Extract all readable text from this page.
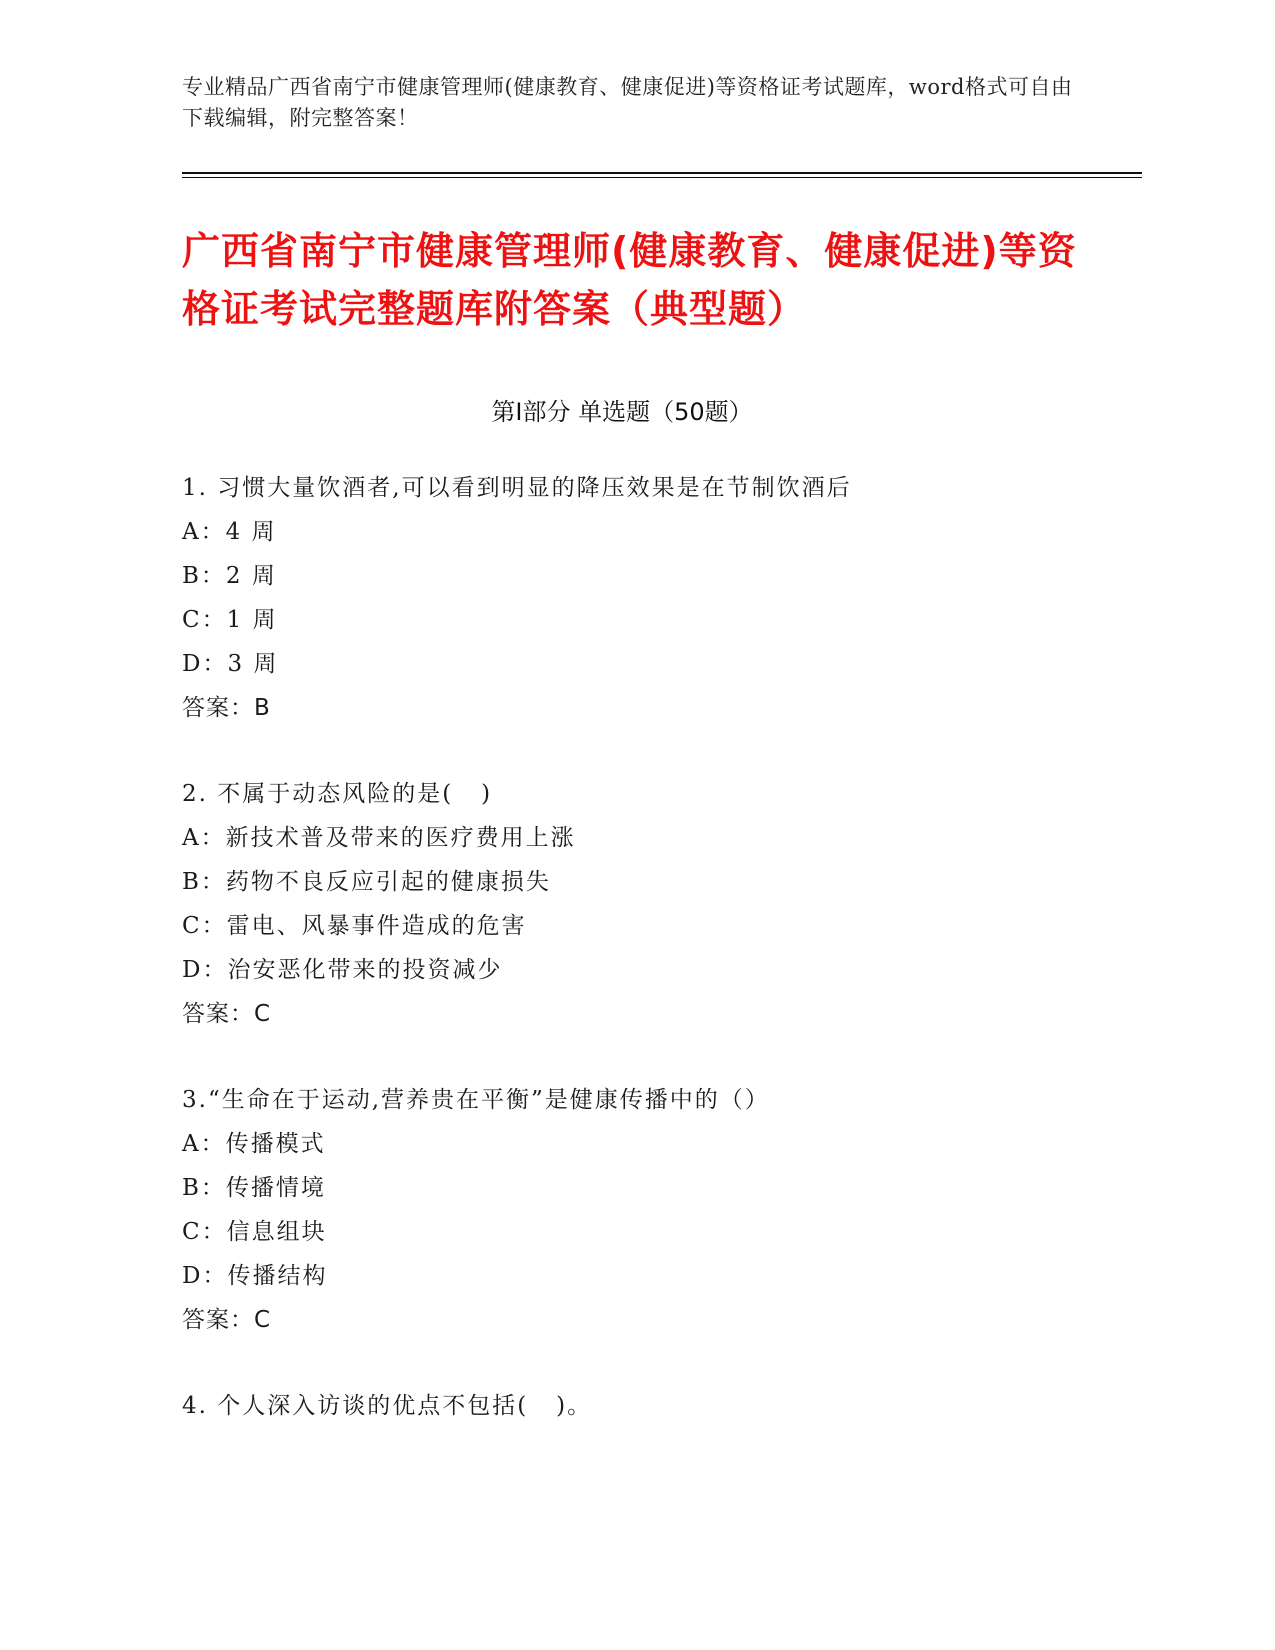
专业精品广西省南宁市健康管理师(健康教育、健康促进)等资格证考试题库，word格式可自由下载编辑，附完整答案！
广西省南宁市健康管理师(健康教育、健康促进)等资格证考试完整题库附答案（典型题）
第Ⅰ部分 单选题（50题）
1. 习惯大量饮酒者,可以看到明显的降压效果是在节制饮酒后
A：4 周
B：2 周
C：1 周
D：3 周
答案：B
2. 不属于动态风险的是(   )
A：新技术普及带来的医疗费用上涨
B：药物不良反应引起的健康损失
C：雷电、风暴事件造成的危害
D：治安恶化带来的投资减少
答案：C
3.“生命在于运动,营养贵在平衡”是健康传播中的（）
A：传播模式
B：传播情境
C：信息组块
D：传播结构
答案：C
4. 个人深入访谈的优点不包括(   )。
